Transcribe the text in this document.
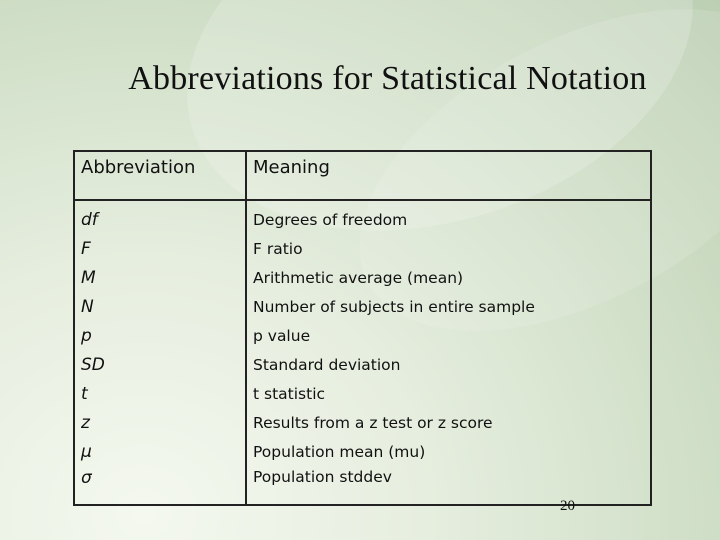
Abbreviations for Statistical Notation
Abbreviation	Meaning
df	Degrees of freedom
F	F ratio
M	Arithmetic average (mean)
N	Number of subjects in entire sample
p	p value
SD	Standard deviation
t	t statistic
z	Results from a z test or z score
μ	Population mean (mu)
σ	Population stddev
20
